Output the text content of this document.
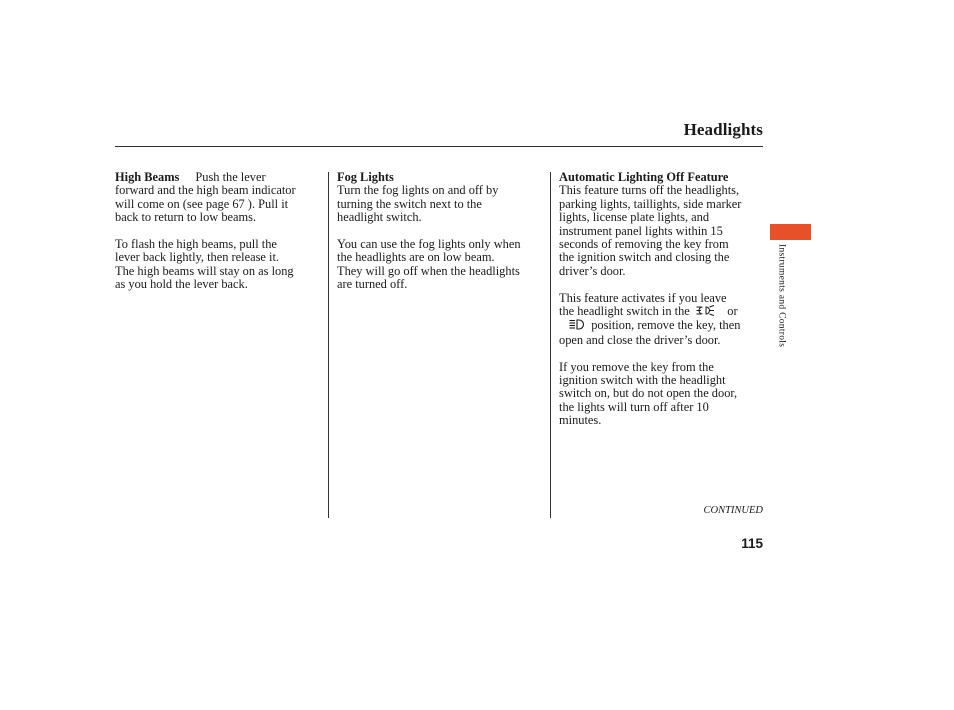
Headlights

High Beams Push the lever
forward and the high beam indicator
will come on (see page 67 ). Pull it
back to return to low beams.

To flash the high beams, pull the
lever back lightly, then release it.
The high beams will stay on as long
as you hold the lever back.

Fog Lights
Turn the fog lights on and off by
turning the switch next to the
headlight switch.

You can use the fog lights only when
the headlights are on low beam.
They will go off when the headlights
are turned off.

Automatic Lighting Off Feature
This feature turns off the headlights,
parking lights, taillights, side marker
lights, license plate lights, and
instrument panel lights within 15
seconds of removing the key from
the ignition switch and closing the
driver’s door.

This feature activates if you leave
the headlight switch in the	or
position, remove the key, then
open and close the driver’s door.

If you remove the key from the
ignition switch with the headlight
switch on, but do not open the door,
the lights will turn off after 10
minutes.

Instruments and Controls
CONTINUED
115
